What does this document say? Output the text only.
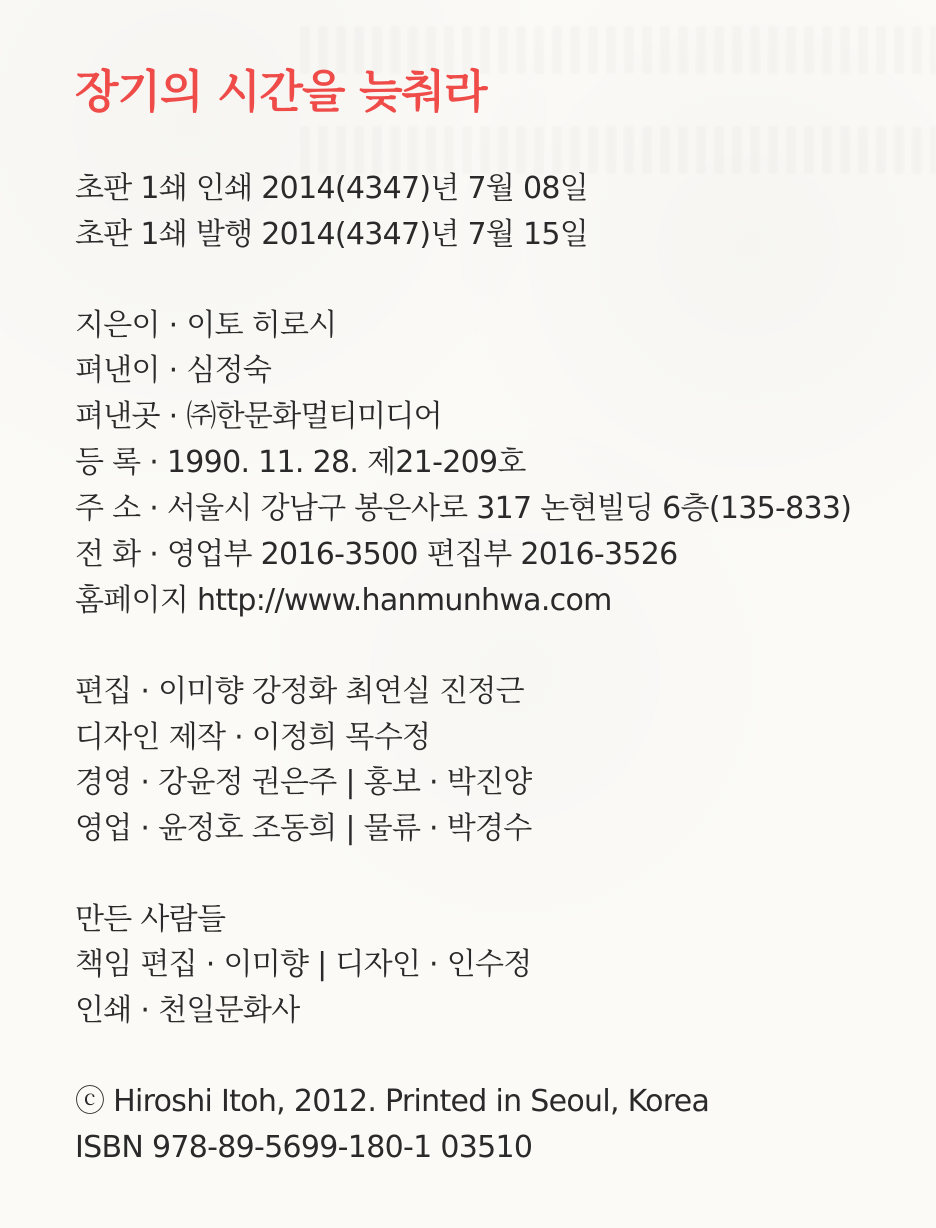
장기의 시간을 늦춰라
초판 1쇄 인쇄 2014(4347)년 7월 08일
초판 1쇄 발행 2014(4347)년 7월 15일
지은이 · 이토 히로시
펴낸이 · 심정숙
펴낸곳 · ㈜한문화멀티미디어
등 록 · 1990. 11. 28. 제21-209호
주 소 · 서울시 강남구 봉은사로 317 논현빌딩 6층(135-833)
전 화 · 영업부 2016-3500 편집부 2016-3526
홈페이지 http://www.hanmunhwa.com
편집 · 이미향 강정화 최연실 진정근
디자인 제작 · 이정희 목수정
경영 · 강윤정 권은주 | 홍보 · 박진양
영업 · 윤정호 조동희 | 물류 · 박경수
만든 사람들
책임 편집 · 이미향 | 디자인 · 인수정
인쇄 · 천일문화사
ⓒ Hiroshi Itoh, 2012. Printed in Seoul, Korea
ISBN 978-89-5699-180-1 03510
